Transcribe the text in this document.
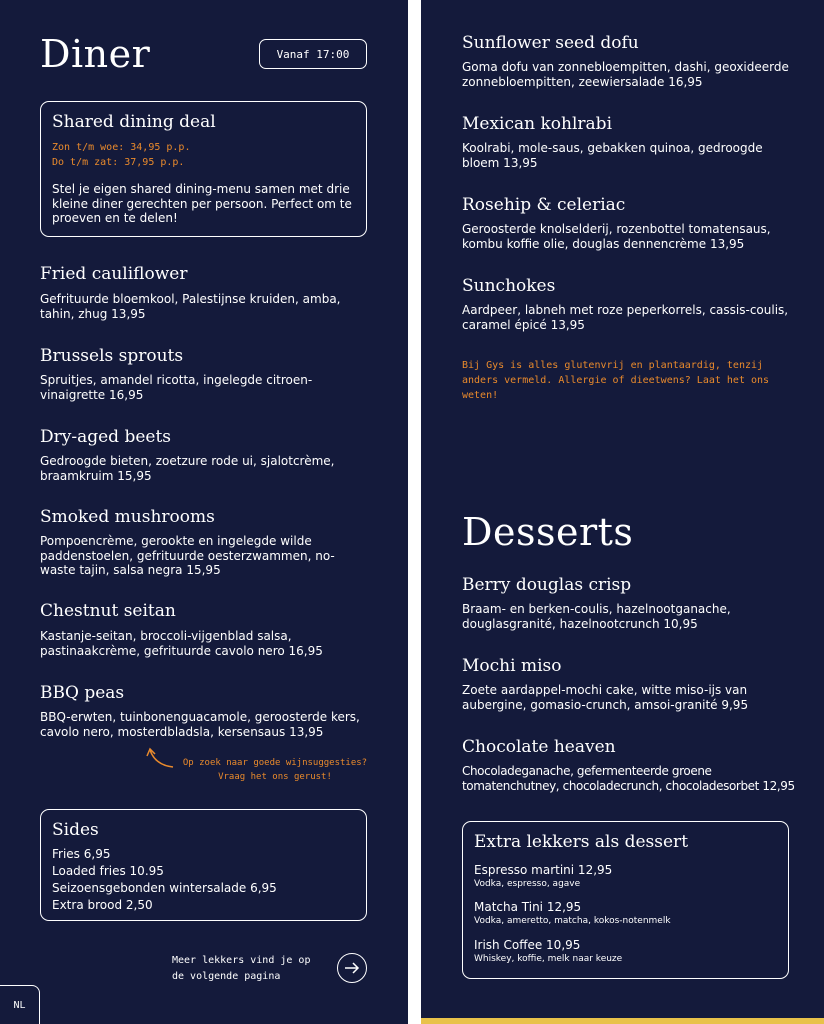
Diner	Vanaf 17:00
Shared dining deal
Zon t/m woe: 34,95 p.p.
Do t/m zat: 37,95 p.p.
Stel je eigen shared dining-menu samen met drie kleine diner gerechten per persoon. Perfect om te proeven en te delen!
Fried cauliflower
Gefrituurde bloemkool, Palestijnse kruiden, amba, tahin, zhug 13,95
Brussels sprouts
Spruitjes, amandel ricotta, ingelegde citroen-vinaigrette 16,95
Dry-aged beets
Gedroogde bieten, zoetzure rode ui, sjalotcrème, braamkruim 15,95
Smoked mushrooms
Pompoencrème, gerookte en ingelegde wilde paddenstoelen, gefrituurde oesterzwammen, no-waste tajin, salsa negra 15,95
Chestnut seitan
Kastanje-seitan, broccoli-vijgenblad salsa, pastinaakcrème, gefrituurde cavolo nero 16,95
BBQ peas
BBQ-erwten, tuinbonenguacamole, geroosterde kers, cavolo nero, mosterdbladsla, kersensaus 13,95
Op zoek naar goede wijnsuggesties?
Vraag het ons gerust!
Sides
Fries 6,95
Loaded fries 10.95
Seizoensgebonden wintersalade 6,95
Extra brood 2,50
Meer lekkers vind je op
de volgende pagina
NL
Sunflower seed dofu
Goma dofu van zonnebloempitten, dashi, geoxideerde zonnebloempitten, zeewiersalade 16,95
Mexican kohlrabi
Koolrabi, mole-saus, gebakken quinoa, gedroogde bloem 13,95
Rosehip & celeriac
Geroosterde knolselderij, rozenbottel tomatensaus, kombu koffie olie, douglas dennencrème 13,95
Sunchokes
Aardpeer, labneh met roze peperkorrels, cassis-coulis, caramel épicé 13,95
Bij Gys is alles glutenvrij en plantaardig, tenzij anders vermeld. Allergie of dieetwens? Laat het ons weten!
Desserts
Berry douglas crisp
Braam- en berken-coulis, hazelnootganache, douglasgranité, hazelnootcrunch 10,95
Mochi miso
Zoete aardappel-mochi cake, witte miso-ijs van aubergine, gomasio-crunch, amsoi-granité 9,95
Chocolate heaven
Chocoladeganache, gefermenteerde groene tomatenchutney, chocoladecrunch, chocoladesorbet 12,95
Extra lekkers als dessert
Espresso martini 12,95
Vodka, espresso, agave
Matcha Tini 12,95
Vodka, ameretto, matcha, kokos-notenmelk
Irish Coffee 10,95
Whiskey, koffie, melk naar keuze
